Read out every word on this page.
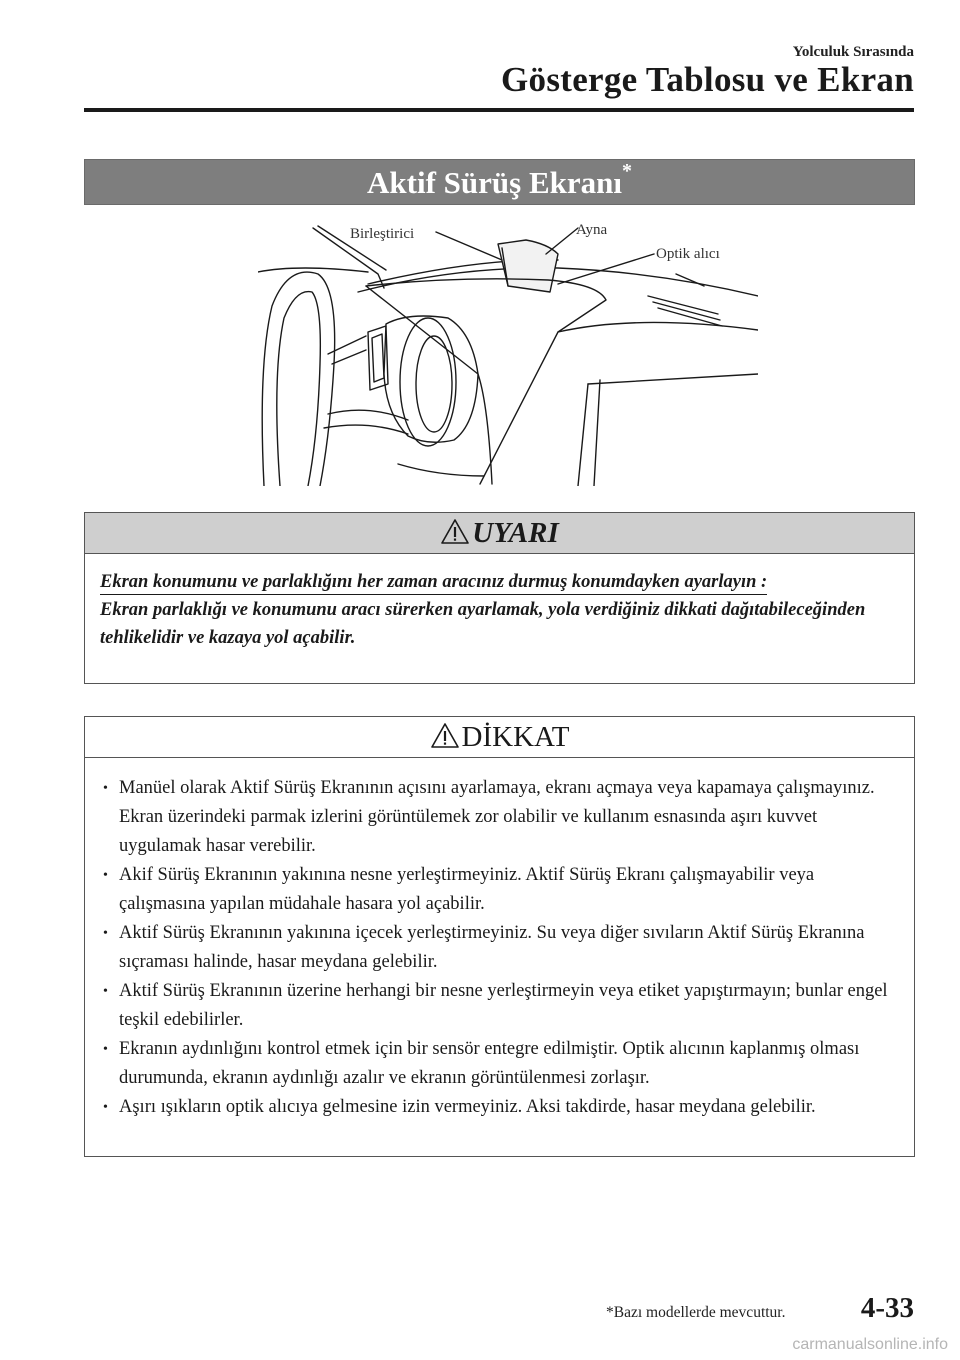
Yolculuk Sırasında
Gösterge Tablosu ve Ekran
Aktif Sürüş Ekranı*
Birleştirici	Ayna
Optik alıcı
UYARI
Ekran konumunu ve parlaklığını her zaman aracınız durmuş konumdayken ayarlayın :
Ekran parlaklığı ve konumunu aracı sürerken ayarlamak, yola verdiğiniz dikkati dağıtabileceğinden tehlikelidir ve kazaya yol açabilir.
DİKKAT
• Manüel olarak Aktif Sürüş Ekranının açısını ayarlamaya, ekranı açmaya veya kapamaya çalışmayınız. Ekran üzerindeki parmak izlerini görüntülemek zor olabilir ve kullanım esnasında aşırı kuvvet uygulamak hasar verebilir.
• Akif Sürüş Ekranının yakınına nesne yerleştirmeyiniz. Aktif Sürüş Ekranı çalışmayabilir veya çalışmasına yapılan müdahale hasara yol açabilir.
• Aktif Sürüş Ekranının yakınına içecek yerleştirmeyiniz. Su veya diğer sıvıların Aktif Sürüş Ekranına sıçraması halinde, hasar meydana gelebilir.
• Aktif Sürüş Ekranının üzerine herhangi bir nesne yerleştirmeyin veya etiket yapıştırmayın; bunlar engel teşkil edebilirler.
• Ekranın aydınlığını kontrol etmek için bir sensör entegre edilmiştir. Optik alıcının kaplanmış olması durumunda, ekranın aydınlığı azalır ve ekranın görüntülenmesi zorlaşır.
• Aşırı ışıkların optik alıcıya gelmesine izin vermeyiniz. Aksi takdirde, hasar meydana gelebilir.
*Bazı modellerde mevcuttur.	4-33
carmanualsonline.info
